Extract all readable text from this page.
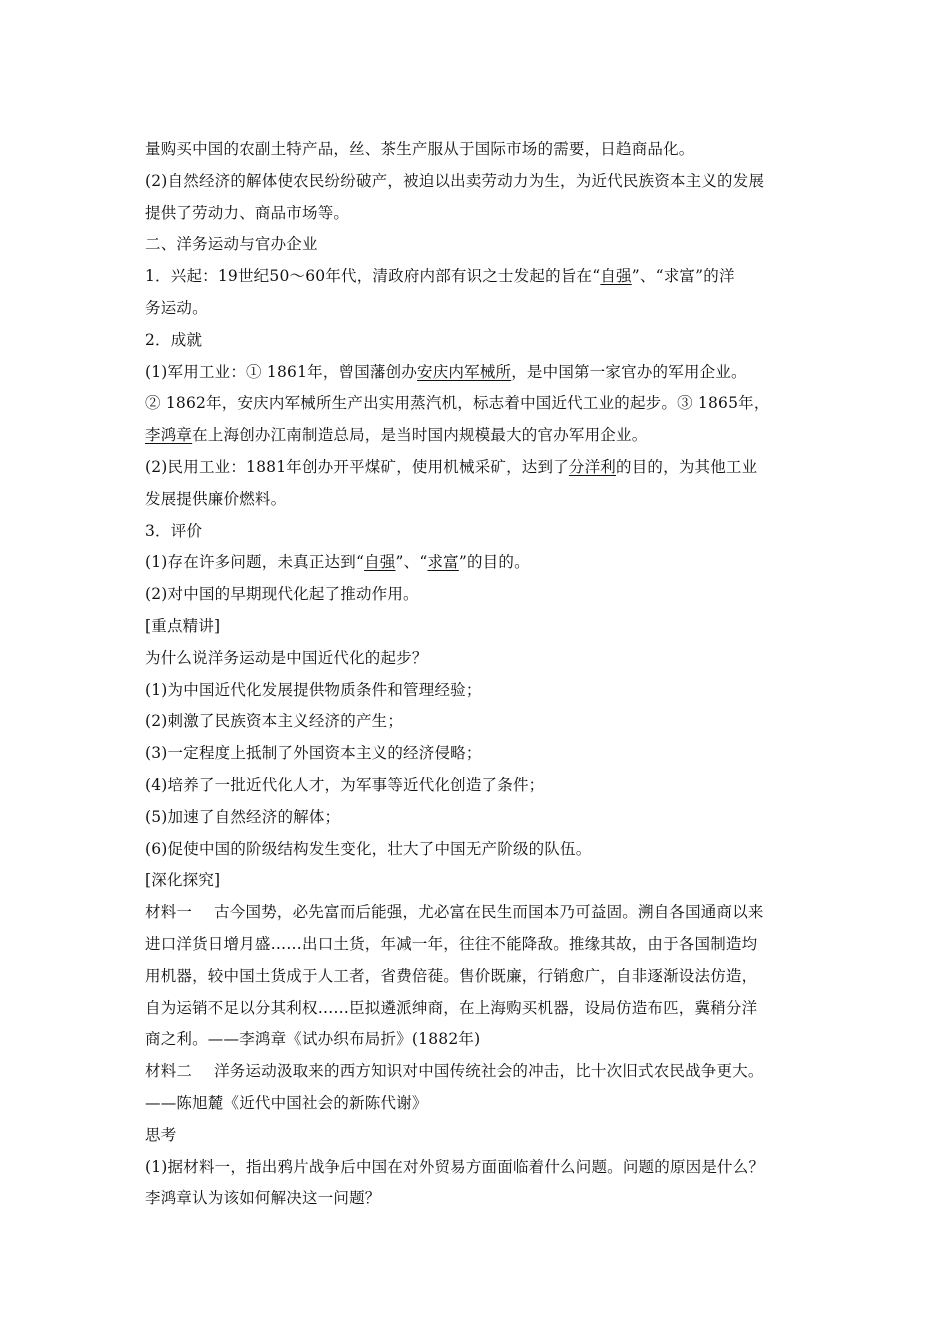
量购买中国的农副土特产品，丝、茶生产服从于国际市场的需要，日趋商品化。
(2)自然经济的解体使农民纷纷破产，被迫以出卖劳动力为生，为近代民族资本主义的发展
提供了劳动力、商品市场等。
二、洋务运动与官办企业
1．兴起：19世纪50～60年代，清政府内部有识之士发起的旨在“自强”、“求富”的洋
务运动。
2．成就
(1)军用工业：① 1861年，曾国藩创办安庆内军械所，是中国第一家官办的军用企业。
② 1862年，安庆内军械所生产出实用蒸汽机，标志着中国近代工业的起步。③ 1865年，
李鸿章在上海创办江南制造总局，是当时国内规模最大的官办军用企业。
(2)民用工业：1881年创办开平煤矿，使用机械采矿，达到了分洋利的目的，为其他工业
发展提供廉价燃料。
3．评价
(1)存在许多问题，未真正达到“自强”、“求富”的目的。
(2)对中国的早期现代化起了推动作用。
[重点精讲]
为什么说洋务运动是中国近代化的起步？
(1)为中国近代化发展提供物质条件和管理经验；
(2)刺激了民族资本主义经济的产生；
(3)一定程度上抵制了外国资本主义的经济侵略；
(4)培养了一批近代化人才，为军事等近代化创造了条件；
(5)加速了自然经济的解体；
(6)促使中国的阶级结构发生变化，壮大了中国无产阶级的队伍。
[深化探究]
材料一 古今国势，必先富而后能强，尤必富在民生而国本乃可益固。溯自各国通商以来
进口洋货日增月盛……出口土货，年减一年，往往不能降敌。推缘其故，由于各国制造均
用机器，较中国土货成于人工者，省费倍蓰。售价既廉，行销愈广，自非逐渐设法仿造，
自为运销不足以分其利权……臣拟遴派绅商，在上海购买机器，设局仿造布匹，冀稍分洋
商之利。——李鸿章《试办织布局折》(1882年)
材料二 洋务运动汲取来的西方知识对中国传统社会的冲击，比十次旧式农民战争更大。
——陈旭麓《近代中国社会的新陈代谢》
思考
(1)据材料一，指出鸦片战争后中国在对外贸易方面面临着什么问题。问题的原因是什么？
李鸿章认为该如何解决这一问题？
